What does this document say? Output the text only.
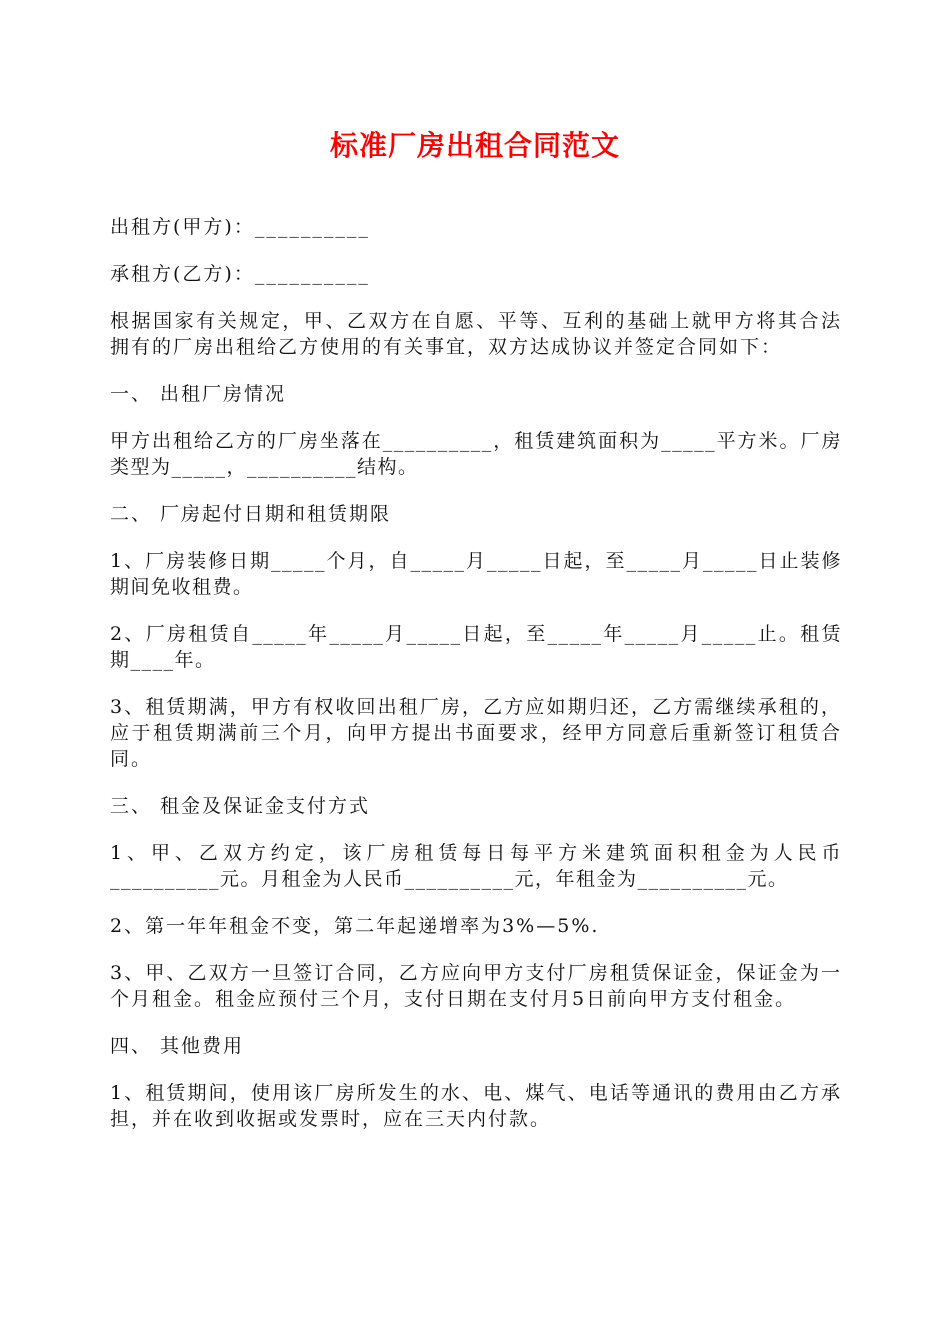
标准厂房出租合同范文

出租方(甲方)：__________

承租方(乙方)：__________

根据国家有关规定，甲、乙双方在自愿、平等、互利的基础上就甲方将其合法拥有的厂房出租给乙方使用的有关事宜，双方达成协议并签定合同如下：

一、 出租厂房情况

甲方出租给乙方的厂房坐落在__________，租赁建筑面积为_____平方米。厂房类型为_____，__________结构。

二、 厂房起付日期和租赁期限

1、厂房装修日期_____个月，自_____月_____日起，至_____月_____日止装修期间免收租费。

2、厂房租赁自_____年_____月_____日起，至_____年_____月_____止。租赁期____年。

3、租赁期满，甲方有权收回出租厂房，乙方应如期归还，乙方需继续承租的，应于租赁期满前三个月，向甲方提出书面要求，经甲方同意后重新签订租赁合同。

三、 租金及保证金支付方式

1、甲、乙双方约定，该厂房租赁每日每平方米建筑面积租金为人民币__________元。月租金为人民币__________元，年租金为__________元。

2、第一年年租金不变，第二年起递增率为3%—5%.

3、甲、乙双方一旦签订合同，乙方应向甲方支付厂房租赁保证金，保证金为一个月租金。租金应预付三个月，支付日期在支付月5日前向甲方支付租金。

四、 其他费用

1、租赁期间，使用该厂房所发生的水、电、煤气、电话等通讯的费用由乙方承担，并在收到收据或发票时，应在三天内付款。
